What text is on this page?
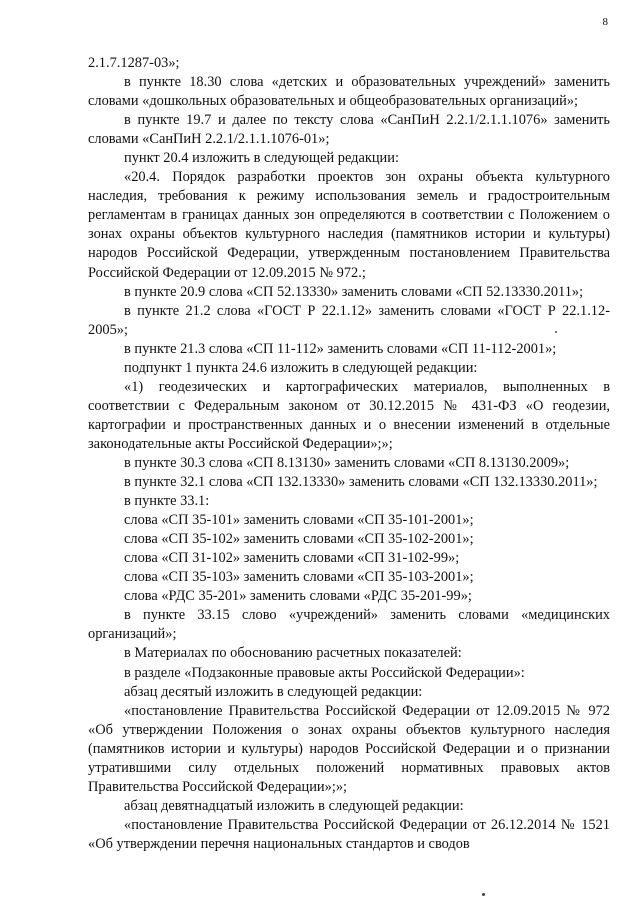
8

2.1.7.1287-03»;

в пункте 18.30 слова «детских и образовательных учреждений» заменить словами «дошкольных образовательных и общеобразовательных организаций»;

в пункте 19.7 и далее по тексту слова «СанПиН 2.2.1/2.1.1.1076» заменить словами «СанПиН 2.2.1/2.1.1.1076-01»;

пункт 20.4 изложить в следующей редакции:

«20.4. Порядок разработки проектов зон охраны объекта культурного наследия, требования к режиму использования земель и градостроительным регламентам в границах данных зон определяются в соответствии с Положением о зонах охраны объектов культурного наследия (памятников истории и культуры) народов Российской Федерации, утвержденным постановлением Правительства Российской Федерации от 12.09.2015 № 972.;

в пункте 20.9 слова «СП 52.13330» заменить словами «СП 52.13330.2011»;

в пункте 21.2 слова «ГОСТ Р 22.1.12» заменить словами «ГОСТ Р 22.1.12-2005»;

в пункте 21.3 слова «СП 11-112» заменить словами «СП 11-112-2001»;

подпункт 1 пункта 24.6 изложить в следующей редакции:

«1) геодезических и картографических материалов, выполненных в соответствии с Федеральным законом от 30.12.2015 № 431-ФЗ «О геодезии, картографии и пространственных данных и о внесении изменений в отдельные законодательные акты Российской Федерации»;»;

в пункте 30.3 слова «СП 8.13130» заменить словами «СП 8.13130.2009»;

в пункте 32.1 слова «СП 132.13330» заменить словами «СП 132.13330.2011»;

в пункте 33.1:

слова «СП 35-101» заменить словами «СП 35-101-2001»;

слова «СП 35-102» заменить словами «СП 35-102-2001»;

слова «СП 31-102» заменить словами «СП 31-102-99»;

слова «СП 35-103» заменить словами «СП 35-103-2001»;

слова «РДС 35-201» заменить словами «РДС 35-201-99»;

в пункте 33.15 слово «учреждений» заменить словами «медицинских организаций»;

в Материалах по обоснованию расчетных показателей:

в разделе «Подзаконные правовые акты Российской Федерации»:

абзац десятый изложить в следующей редакции:

«постановление Правительства Российской Федерации от 12.09.2015 № 972 «Об утверждении Положения о зонах охраны объектов культурного наследия (памятников истории и культуры) народов Российской Федерации и о признании утратившими силу отдельных положений нормативных правовых актов Правительства Российской Федерации»;»;

абзац девятнадцатый изложить в следующей редакции:

«постановление Правительства Российской Федерации от 26.12.2014 № 1521 «Об утверждении перечня национальных стандартов и сводов
